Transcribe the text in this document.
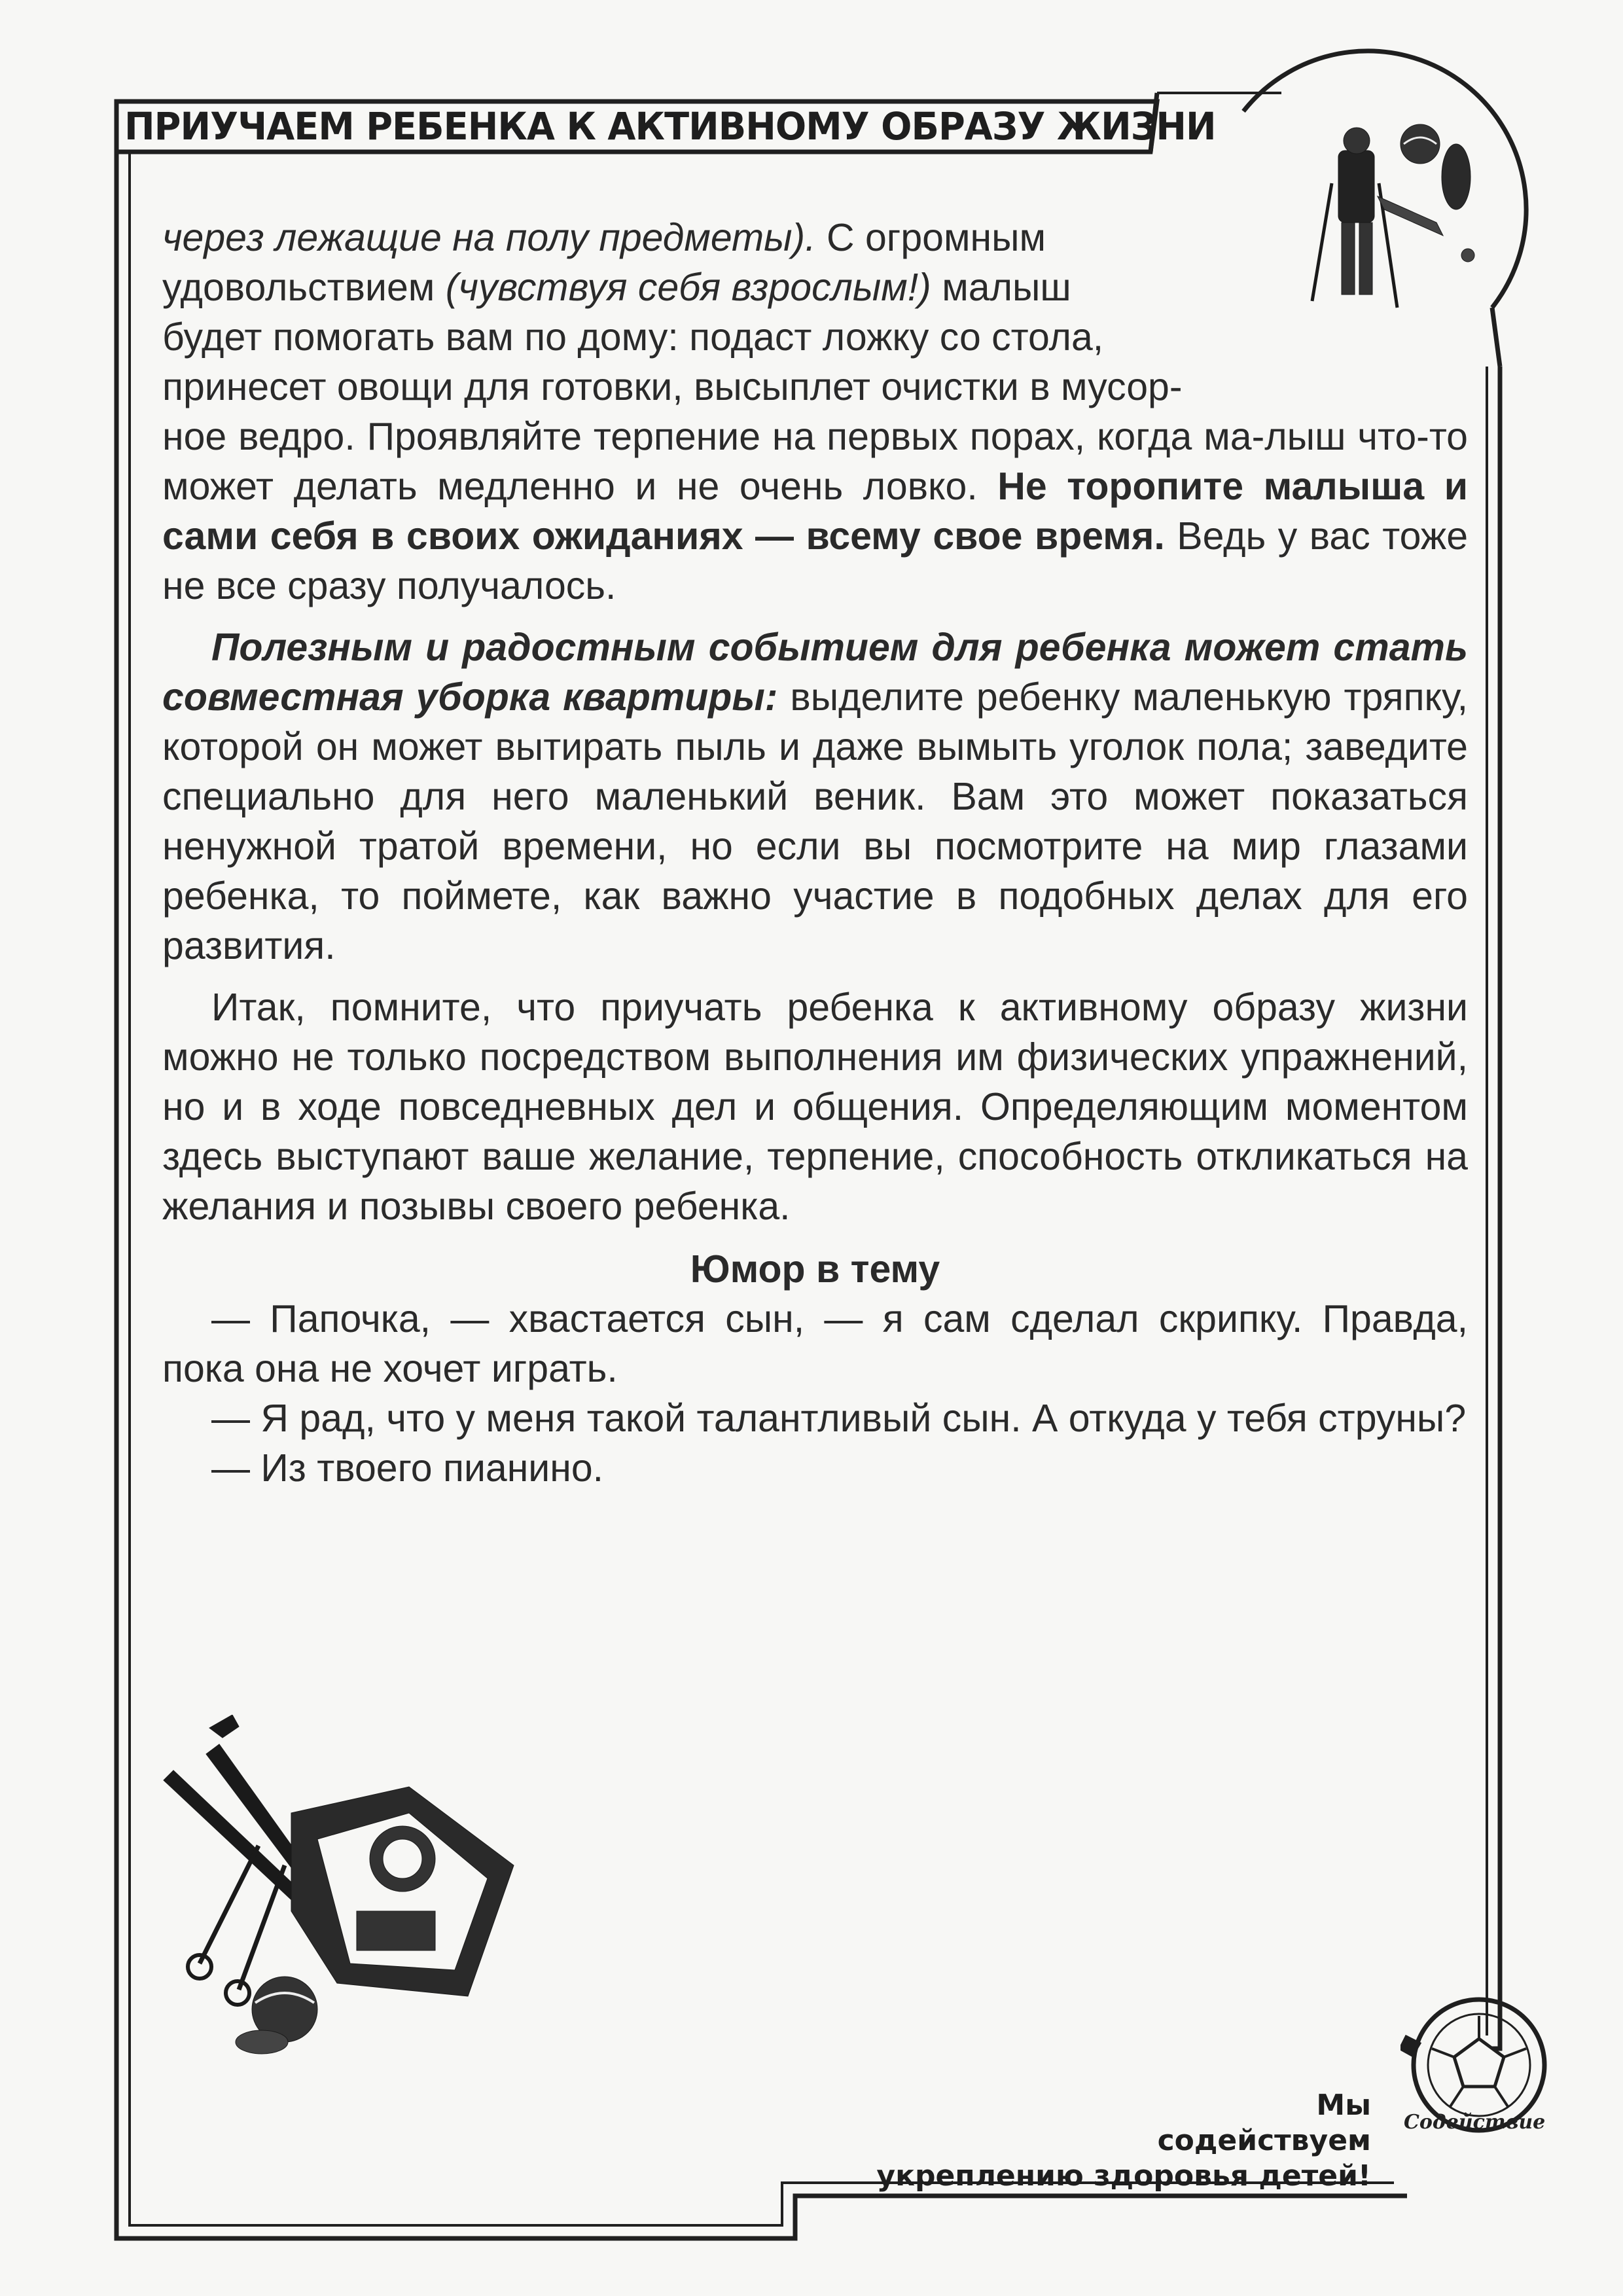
ПРИУЧАЕМ РЕБЕНКА К АКТИВНОМУ ОБРАЗУ ЖИЗНИ

через лежащие на полу предметы). С огромным
удовольствием (чувствуя себя взрослым!) малыш
будет помогать вам по дому: подаст ложку со стола,
принесет овощи для готовки, высыплет очистки в мусор-

ное ведро. Проявляйте терпение на первых порах, когда ма-лыш что-то может делать медленно и не очень ловко. Не торопите малыша и сами себя в своих ожиданиях — всему свое время. Ведь у вас тоже не все сразу получалось.

Полезным и радостным событием для ребенка может стать совместная уборка квартиры: выделите ребенку маленькую тряпку, которой он может вытирать пыль и даже вымыть уголок пола; заведите специально для него маленький веник. Вам это может показаться ненужной тратой времени, но если вы посмотрите на мир глазами ребенка, то поймете, как важно участие в подобных делах для его развития.

Итак, помните, что приучать ребенка к активному образу жизни можно не только посредством выполнения им физических упражнений, но и в ходе повседневных дел и общения. Определяющим моментом здесь выступают ваше желание, терпение, способность откликаться на желания и позывы своего ребенка.

Юмор в тему

— Папочка, — хвастается сын, — я сам сделал скрипку. Правда, пока она не хочет играть.

— Я рад, что у меня такой талантливый сын. А откуда у тебя струны?

— Из твоего пианино.

Мы
содействуем
укреплению здоровья детей!
Содействие
